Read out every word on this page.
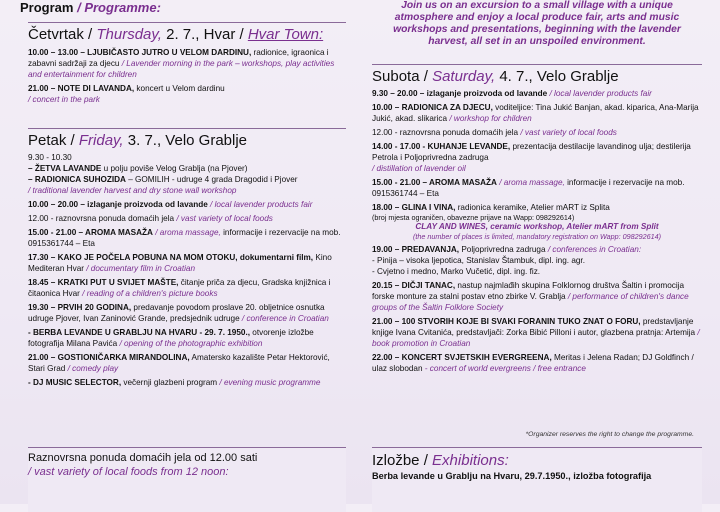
Program / Programme:	Join us on an excursion to a small village with a unique atmosphere and enjoy a local produce fair, arts and music workshops and presentations, beginning with the lavender harvest, all set in an unspoiled environment.
Četvrtak / Thursday, 2. 7., Hvar / Hvar Town:
10.00 – 13.00 – LJUBIČASTO JUTRO U VELOM DARDINU, radionice, igraonica i zabavni sadržaji za djecu / Lavender morning in the park – workshops, play activities and entertainment for children
21.00 – NOTE DI LAVANDA, koncert u Velom dardinu
/ concert in the park
Petak / Friday, 3. 7., Velo Grablje
9.30 - 10.30
– ŽETVA LAVANDE u polju poviše Velog Grablja (na Pjover)
– RADIONICA SUHOZIDA – GOMILIH - udruge 4 grada Dragodid i Pjover
/ traditional lavender harvest and dry stone wall workshop
10.00 – 20.00 – izlaganje proizvoda od lavande / local lavender products fair
12.00 - raznovrsna ponuda domaćih jela / vast variety of local foods
15.00 - 21.00 – AROMA MASAŽA / aroma massage, informacije i rezervacije na mob. 0915361744 – Eta
17.30 – KAKO JE POČELA POBUNA NA MOM OTOKU, dokumentarni film, Kino Mediteran Hvar / documentary film in Croatian
18.45 – KRATKI PUT U SVIJET MAŠTE, čitanje priča za djecu, Gradska knjižnica i čitaonica Hvar / reading of a children's picture books
19.30 – PRVIH 20 GODINA, predavanje povodom proslave 20. obljetnice osnutka udruge Pjover, Ivan Zaninović Grande, predsjednik udruge / conference in Croatian
- BERBA LEVANDE U GRABLJU NA HVARU - 29. 7. 1950., otvorenje izložbe fotografija Milana Pavića / opening of the photographic exhibition
21.00 – GOSTIONIČARKA MIRANDOLINA, Amatersko kazalište Petar Hektorović, Stari Grad / comedy play
- DJ MUSIC SELECTOR, večernji glazbeni program / evening music programme
Subota / Saturday, 4. 7., Velo Grablje
9.30 – 20.00 – izlaganje proizvoda od lavande / local lavender products fair
10.00 – RADIONICA ZA DJECU, voditeljice: Tina Jukić Banjan, akad. kiparica, Ana-Marija Jukić, akad. slikarica / workshop for children
12.00 - raznovrsna ponuda domaćih jela / vast variety of local foods
14.00 - 17.00 - KUHANJE LEVANDE, prezentacija destilacije lavandinog ulja; destilerija Petrola i Poljoprivredna zadruga
/ distillation of lavender oil
15.00 - 21.00 – AROMA MASAŽA / aroma massage, informacije i rezervacije na mob. 0915361744 – Eta
18.00 – GLINA I VINA, radionica keramike, Atelier mART iz Splita
(broj mjesta ograničen, obavezne prijave na Wapp: 098292614)
CLAY AND WINES, ceramic workshop, Atelier mART from Split
(the number of places is limited, mandatory registration on Wapp: 098292614)
19.00 – PREDAVANJA, Poljoprivredna zadruga / conferences in Croatian:
- Pinija – visoka ljepotica, Stanislav Štambuk, dipl. ing. agr.
- Cvjetno i medno, Marko Vučetić, dipl. ing. fiz.
20.15 – DIČJI TANAC, nastup najmlađih skupina Folklornog društva Šaltin i promocija forske monture za stalni postav etno zbirke V. Grablja / performance of children's dance groups of the Šaltin Folklore Society
21.00 – 100 STVORIH KOJE BI SVAKI FORANIN TUKO ZNAT O FORU, predstavljanje knjige Ivana Cvitanića, predstavljači: Zorka Bibić Pilloni i autor, glazbena pratnja: Artemija / book promotion in Croatian
22.00 – KONCERT SVJETSKIH EVERGREENA, Meritas i Jelena Radan; DJ Goldfinch / ulaz slobodan - concert of world evergreens / free entrance
*Organizer reserves the right to change the programme.
Raznovrsna ponuda domaćih jela od 12.00 sati
/ vast variety of local foods from 12 noon:
Izložbe / Exhibitions:
Berba levande u Grablju na Hvaru, 29.7.1950., izložba fotografija
